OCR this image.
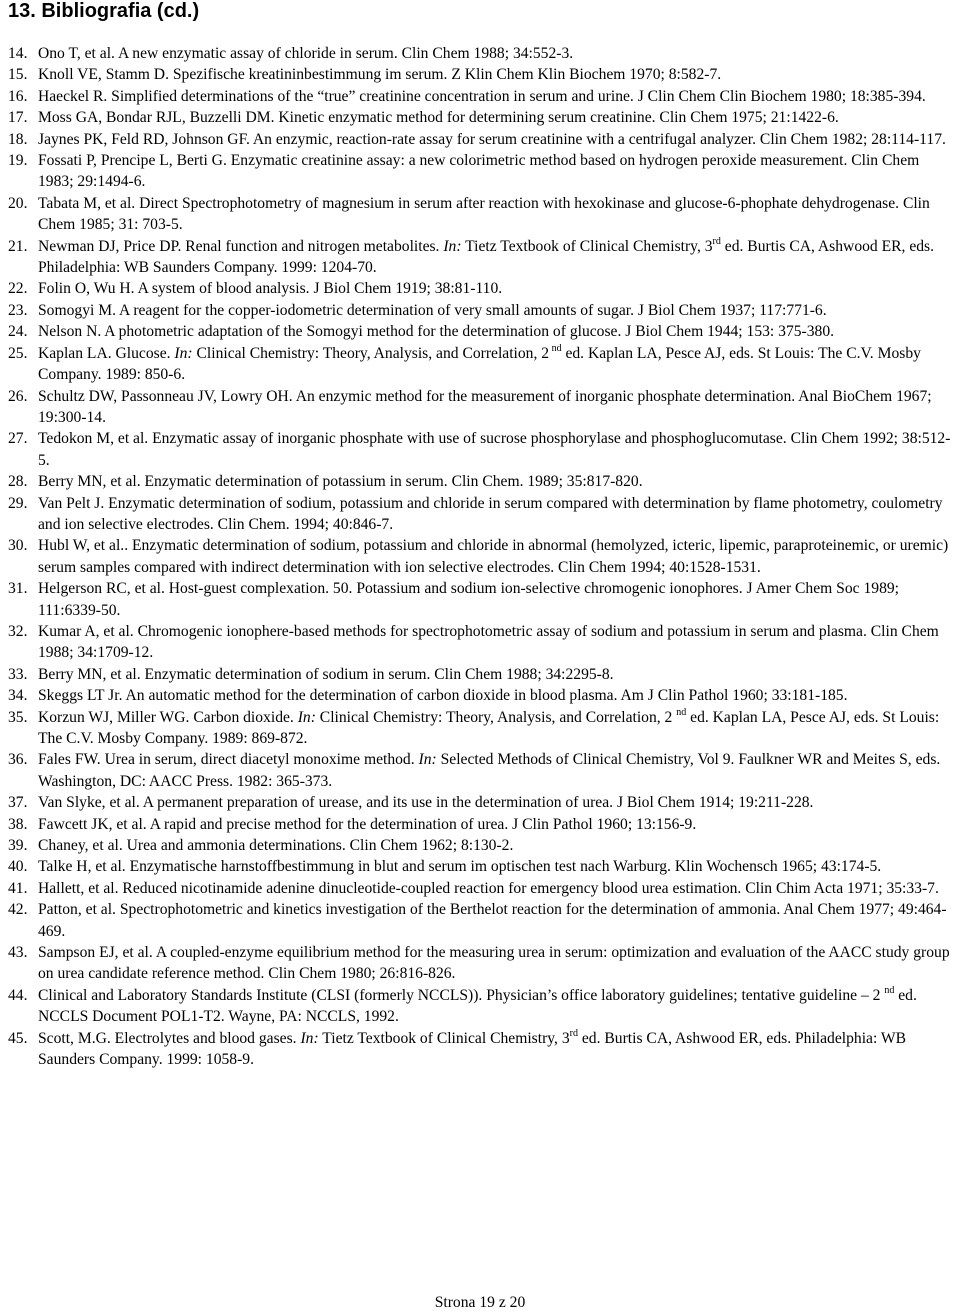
13. Bibliografia (cd.)
14. Ono T, et al. A new enzymatic assay of chloride in serum. Clin Chem 1988; 34:552-3.
15. Knoll VE, Stamm D. Spezifische kreatininbestimmung im serum. Z Klin Chem Klin Biochem 1970; 8:582-7.
16. Haeckel R. Simplified determinations of the “true” creatinine concentration in serum and urine. J Clin Chem Clin Biochem 1980; 18:385-394.
17. Moss GA, Bondar RJL, Buzzelli DM. Kinetic enzymatic method for determining serum creatinine. Clin Chem 1975; 21:1422-6.
18. Jaynes PK, Feld RD, Johnson GF. An enzymic, reaction-rate assay for serum creatinine with a centrifugal analyzer. Clin Chem 1982; 28:114-117.
19. Fossati P, Prencipe L, Berti G. Enzymatic creatinine assay: a new colorimetric method based on hydrogen peroxide measurement. Clin Chem 1983; 29:1494-6.
20. Tabata M, et al. Direct Spectrophotometry of magnesium in serum after reaction with hexokinase and glucose-6-phophate dehydrogenase. Clin Chem 1985; 31: 703-5.
21. Newman DJ, Price DP. Renal function and nitrogen metabolites. In: Tietz Textbook of Clinical Chemistry, 3rd ed. Burtis CA, Ashwood ER, eds. Philadelphia: WB Saunders Company. 1999: 1204-70.
22. Folin O, Wu H. A system of blood analysis. J Biol Chem 1919; 38:81-110.
23. Somogyi M. A reagent for the copper-iodometric determination of very small amounts of sugar. J Biol Chem 1937; 117:771-6.
24. Nelson N. A photometric adaptation of the Somogyi method for the determination of glucose. J Biol Chem 1944; 153: 375-380.
25. Kaplan LA. Glucose. In: Clinical Chemistry: Theory, Analysis, and Correlation, 2 $^{nd}$ ed. Kaplan LA, Pesce AJ, eds. St Louis: The C.V. Mosby Company. 1989: 850-6.
26. Schultz DW, Passonneau JV, Lowry OH. An enzymic method for the measurement of inorganic phosphate determination. Anal BioChem 1967; 19:300-14.
27. Tedokon M, et al. Enzymatic assay of inorganic phosphate with use of sucrose phosphorylase and phosphoglucomutase. Clin Chem 1992; 38:512-5.
28. Berry MN, et al. Enzymatic determination of potassium in serum. Clin Chem. 1989; 35:817-820.
29. Van Pelt J. Enzymatic determination of sodium, potassium and chloride in serum compared with determination by flame photometry, coulometry and ion selective electrodes. Clin Chem. 1994; 40:846-7.
30. Hubl W, et al.. Enzymatic determination of sodium, potassium and chloride in abnormal (hemolyzed, icteric, lipemic, paraproteinemic, or uremic) serum samples compared with indirect determination with ion selective electrodes. Clin Chem 1994; 40:1528-1531.
31. Helgerson RC, et al. Host-guest complexation. 50. Potassium and sodium ion-selective chromogenic ionophores. J Amer Chem Soc 1989; 111:6339-50.
32. Kumar A, et al. Chromogenic ionophere-based methods for spectrophotometric assay of sodium and potassium in serum and plasma. Clin Chem 1988; 34:1709-12.
33. Berry MN, et al. Enzymatic determination of sodium in serum. Clin Chem 1988; 34:2295-8.
34. Skeggs LT Jr. An automatic method for the determination of carbon dioxide in blood plasma. Am J Clin Pathol 1960; 33:181-185.
35. Korzun WJ, Miller WG. Carbon dioxide. In: Clinical Chemistry: Theory, Analysis, and Correlation, 2 $^{nd}$ ed. Kaplan LA, Pesce AJ, eds. St Louis: The C.V. Mosby Company. 1989: 869-872.
36. Fales FW. Urea in serum, direct diacetyl monoxime method. In: Selected Methods of Clinical Chemistry, Vol 9. Faulkner WR and Meites S, eds. Washington, DC: AACC Press. 1982: 365-373.
37. Van Slyke, et al. A permanent preparation of urease, and its use in the determination of urea. J Biol Chem 1914; 19:211-228.
38. Fawcett JK, et al. A rapid and precise method for the determination of urea. J Clin Pathol 1960; 13:156-9.
39. Chaney, et al. Urea and ammonia determinations. Clin Chem 1962; 8:130-2.
40. Talke H, et al. Enzymatische harnstoffbestimmung in blut and serum im optischen test nach Warburg. Klin Wochensch 1965; 43:174-5.
41. Hallett, et al. Reduced nicotinamide adenine dinucleotide-coupled reaction for emergency blood urea estimation. Clin Chim Acta 1971; 35:33-7.
42. Patton, et al. Spectrophotometric and kinetics investigation of the Berthelot reaction for the determination of ammonia. Anal Chem 1977; 49:464-469.
43. Sampson EJ, et al. A coupled-enzyme equilibrium method for the measuring urea in serum: optimization and evaluation of the AACC study group on urea candidate reference method. Clin Chem 1980; 26:816-826.
44. Clinical and Laboratory Standards Institute (CLSI (formerly NCCLS)). Physician’s office laboratory guidelines; tentative guideline – 2 $^{nd}$ ed. NCCLS Document POL1-T2. Wayne, PA: NCCLS, 1992.
45. Scott, M.G. Electrolytes and blood gases. In: Tietz Textbook of Clinical Chemistry, 3rd ed. Burtis CA, Ashwood ER, eds. Philadelphia: WB Saunders Company. 1999: 1058-9.
Strona 19 z 20
